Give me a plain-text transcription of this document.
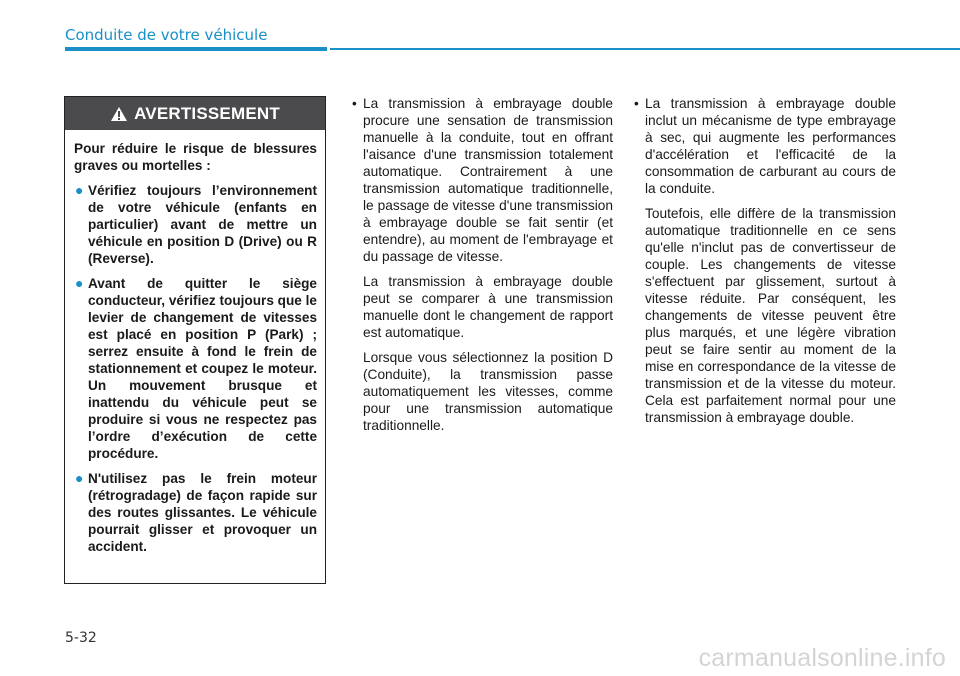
Conduite de votre véhicule
AVERTISSEMENT

Pour réduire le risque de blessures graves ou mortelles :

● Vérifiez toujours l’environnement de votre véhicule (enfants en particulier) avant de mettre un véhicule en position D (Drive) ou R (Reverse).
● Avant de quitter le siège conducteur, vérifiez toujours que le levier de changement de vitesses est placé en position P (Park) ; serrez ensuite à fond le frein de stationnement et coupez le moteur. Un mouvement brusque et inattendu du véhicule peut se produire si vous ne respectez pas l’ordre d’exécution de cette procédure.
● N'utilisez pas le frein moteur (rétrogradage) de façon rapide sur des routes glissantes. Le véhicule pourrait glisser et provoquer un accident.

• La transmission à embrayage double procure une sensation de transmission manuelle à la conduite, tout en offrant l'aisance d'une transmission totalement automatique. Contrairement à une transmission automatique traditionnelle, le passage de vitesse d'une transmission à embrayage double se fait sentir (et entendre), au moment de l'embrayage et du passage de vitesse.

La transmission à embrayage double peut se comparer à une transmission manuelle dont le changement de rapport est automatique.

Lorsque vous sélectionnez la position D (Conduite), la transmission passe automatiquement les vitesses, comme pour une transmission automatique traditionnelle.

• La transmission à embrayage double inclut un mécanisme de type embrayage à sec, qui augmente les performances d'accélération et l'efficacité de la consommation de carburant au cours de la conduite.

Toutefois, elle diffère de la transmission automatique traditionnelle en ce sens qu'elle n'inclut pas de convertisseur de couple. Les changements de vitesse s'effectuent par glissement, surtout à vitesse réduite. Par conséquent, les changements de vitesse peuvent être plus marqués, et une légère vibration peut se faire sentir au moment de la mise en correspondance de la vitesse de transmission et de la vitesse du moteur. Cela est parfaitement normal pour une transmission à embrayage double.

5-32
carmanualsonline.info
